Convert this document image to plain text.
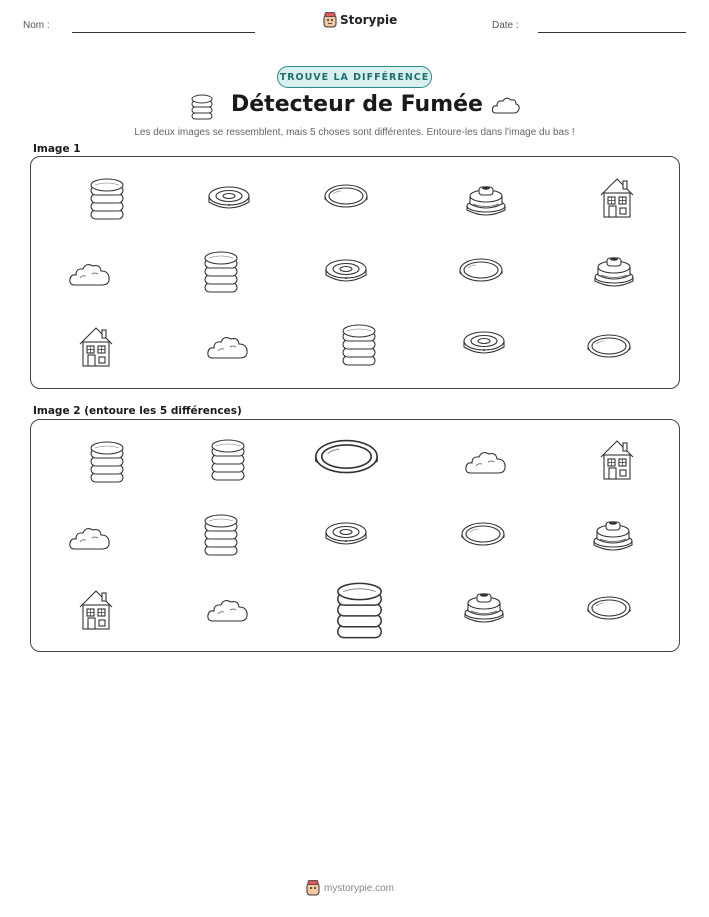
Nom :	Storypie	Date :
TROUVE LA DIFFÉRENCE
Détecteur de Fumée
Les deux images se ressemblent, mais 5 choses sont différentes. Entoure-les dans l'image du bas !
Image 1
Image 2 (entoure les 5 différences)
mystorypie.com
